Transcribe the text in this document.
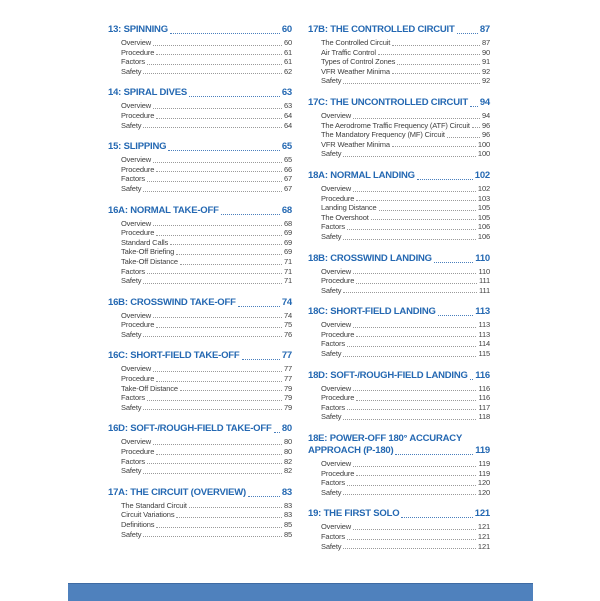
13: SPINNING	60
Overview	60
Procedure	61
Factors	61
Safety	62
14: SPIRAL DIVES	63
Overview	63
Procedure	64
Safety	64
15: SLIPPING	65
Overview	65
Procedure	66
Factors	67
Safety	67
16A: NORMAL TAKE-OFF	68
Overview	68
Procedure	69
Standard Calls	69
Take-Off Briefing	69
Take-Off Distance	71
Factors	71
Safety	71
16B: CROSSWIND TAKE-OFF	74
Overview	74
Procedure	75
Safety	76
16C: SHORT-FIELD TAKE-OFF	77
Overview	77
Procedure	77
Take-Off Distance	79
Factors	79
Safety	79
16D: SOFT-/ROUGH-FIELD TAKE-OFF 80
Overview	80
Procedure	80
Factors	82
Safety	82
17A: THE CIRCUIT (OVERVIEW)	83
The Standard Circuit	83
Circuit Variations	83
Definitions	85
Safety	85
17B: THE CONTROLLED CIRCUIT	87
The Controlled Circuit	87
Air Traffic Control	90
Types of Control Zones	91
VFR Weather Minima	92
Safety	92
17C: THE UNCONTROLLED CIRCUIT 94
Overview	94
The Aerodrome Traffic Frequency (ATF) Circuit 96
The Mandatory Frequency (MF) Circuit	96
VFR Weather Minima	100
Safety	100
18A: NORMAL LANDING	102
Overview	102
Procedure	103
Landing Distance	105
The Overshoot	105
Factors	106
Safety	106
18B: CROSSWIND LANDING	110
Overview	110
Procedure	111
Safety	111
18C: SHORT-FIELD LANDING	113
Overview	113
Procedure	113
Factors	114
Safety	115
18D: SOFT-/ROUGH-FIELD LANDING 116
Overview	116
Procedure	116
Factors	117
Safety	118
18E: POWER-OFF 180° ACCURACY
APPROACH (P-180)	119
Overview	119
Procedure	119
Factors	120
Safety	120
19: THE FIRST SOLO	121
Overview	121
Factors	121
Safety	121
